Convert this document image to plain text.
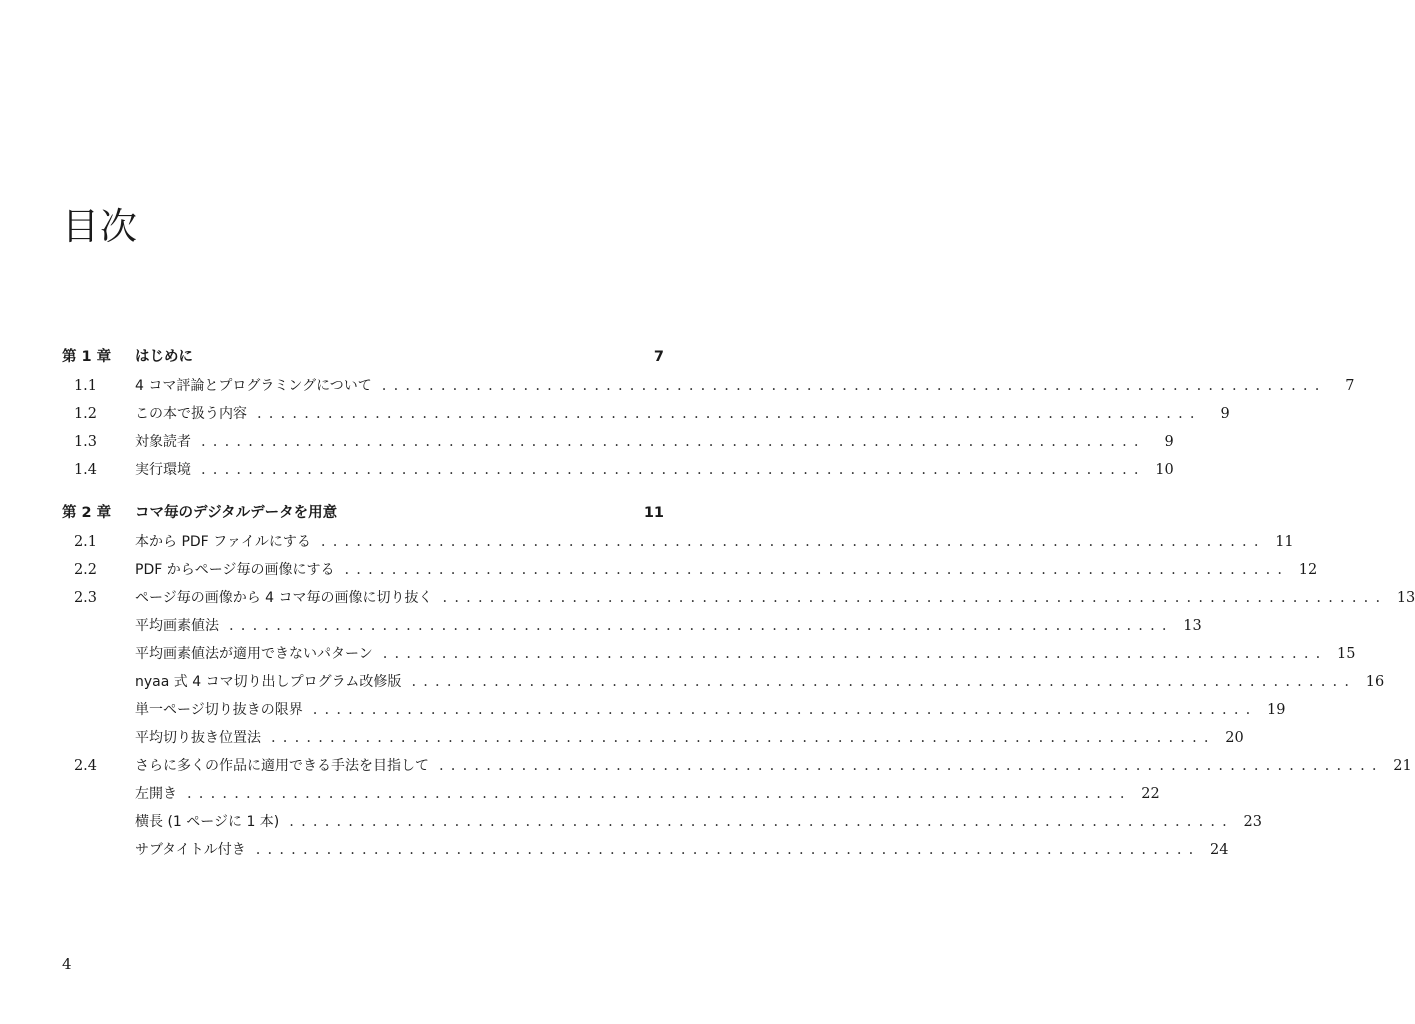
目次
第 1 章	はじめに	7
1.1	4 コマ評論とプログラミングについて ................................................................................	7
1.2	この本で扱う内容 ................................................................................	9
1.3	対象読者 ................................................................................	9
1.4	実行環境 ................................................................................ 10
第 2 章	コマ毎のデジタルデータを用意	11
2.1	本から PDF ファイルにする ................................................................................ 11
2.2	PDF からページ毎の画像にする ................................................................................ 12
2.3	ページ毎の画像から 4 コマ毎の画像に切り抜く ................................................................................ 13
平均画素値法 ................................................................................ 13
平均画素値法が適用できないパターン ................................................................................ 15
nyaa 式 4 コマ切り出しプログラム改修版 ................................................................................ 16
単一ページ切り抜きの限界 ................................................................................ 19
平均切り抜き位置法 ................................................................................ 20
2.4	さらに多くの作品に適用できる手法を目指して ................................................................................ 21
左開き ................................................................................ 22
横長 (1 ページに 1 本) ................................................................................ 23
サブタイトル付き ................................................................................ 24
4
